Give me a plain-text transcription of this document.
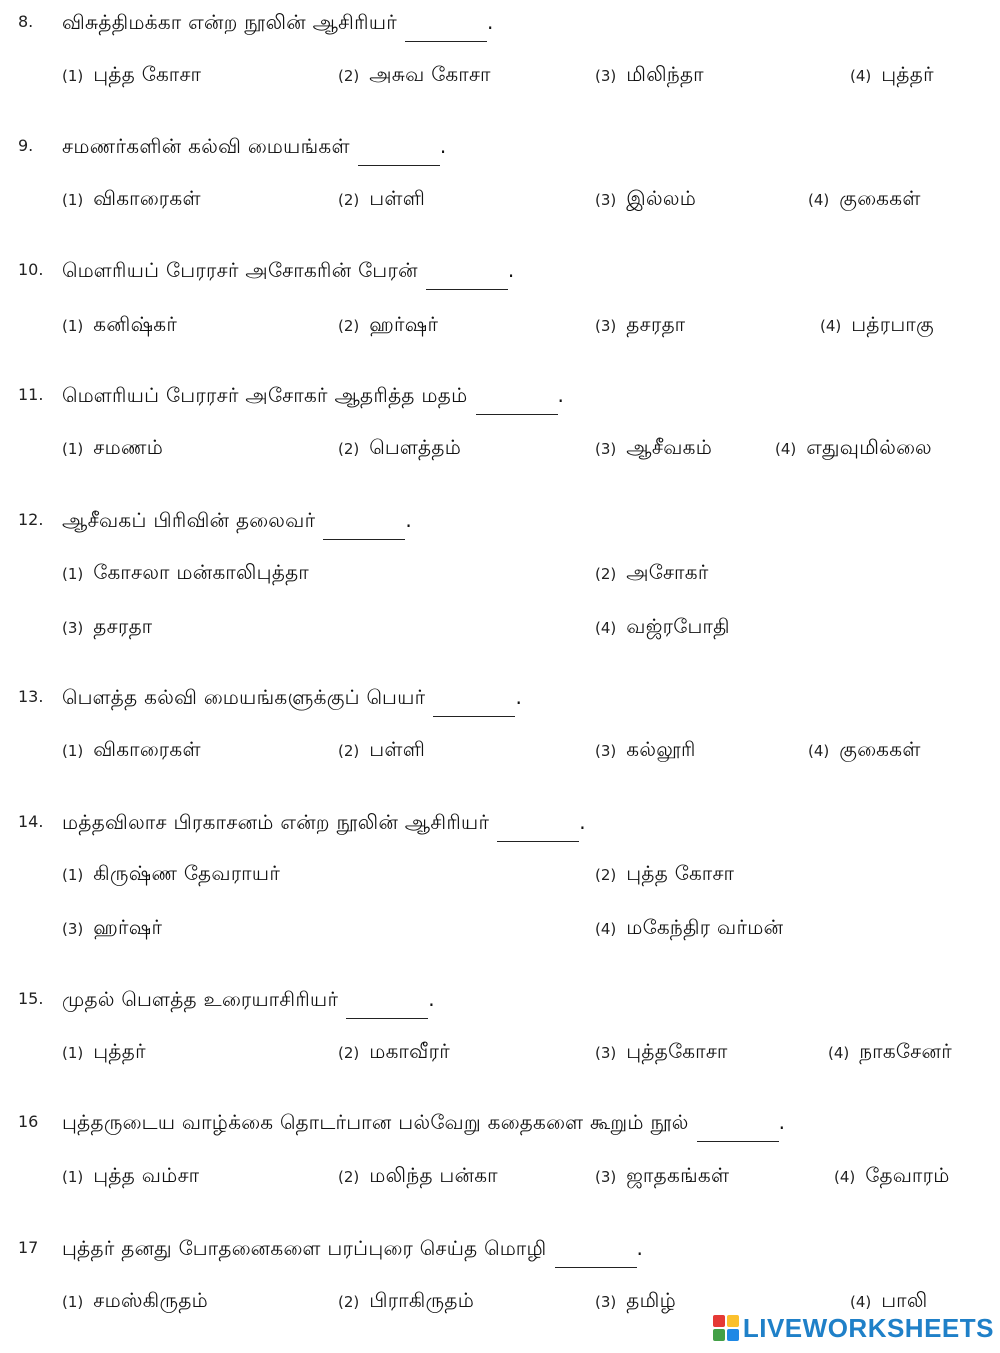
8. விசுத்திமக்கா என்ற நூலின் ஆசிரியர்	.
(1) புத்த கோசா	(2) அசுவ கோசா	(3) மிலிந்தா	(4) புத்தர்
9. சமணர்களின் கல்வி மையங்கள்	.
(1) விகாரைகள்	(2) பள்ளி	(3) இல்லம்	(4) குகைகள்
10. மௌரியப் பேரரசர் அசோகரின் பேரன்	.
(1) கனிஷ்கர்	(2) ஹர்ஷர்	(3) தசரதா	(4) பத்ரபாகு
11. மௌரியப் பேரரசர் அசோகர் ஆதரித்த மதம்	.
(1) சமணம்	(2) பௌத்தம்	(3) ஆசீவகம்	(4) எதுவுமில்லை
12. ஆசீவகப் பிரிவின் தலைவர்	.
(1) கோசலா மன்காலிபுத்தா	(2) அசோகர்
(3) தசரதா	(4) வஜ்ரபோதி
13. பௌத்த கல்வி மையங்களுக்குப் பெயர்	.
(1) விகாரைகள்	(2) பள்ளி	(3) கல்லூரி	(4) குகைகள்
14. மத்தவிலாச பிரகாசனம் என்ற நூலின் ஆசிரியர்	.
(1) கிருஷ்ண தேவராயர்	(2) புத்த கோசா
(3) ஹர்ஷர்	(4) மகேந்திர வர்மன்
15. முதல் பௌத்த உரையாசிரியர்	.
(1) புத்தர்	(2) மகாவீரர்	(3) புத்தகோசா	(4) நாகசேனர்
16 புத்தருடைய வாழ்க்கை தொடர்பான பல்வேறு கதைகளை கூறும் நூல்	.
(1) புத்த வம்சா	(2) மலிந்த பன்கா	(3) ஜாதகங்கள்	(4) தேவாரம்
17 புத்தர் தனது போதனைகளை பரப்புரை செய்த மொழி	.
(1) சமஸ்கிருதம்	(2) பிராகிருதம்	(3) தமிழ்	(4) பாலி
LIVEWORKSHEETS
